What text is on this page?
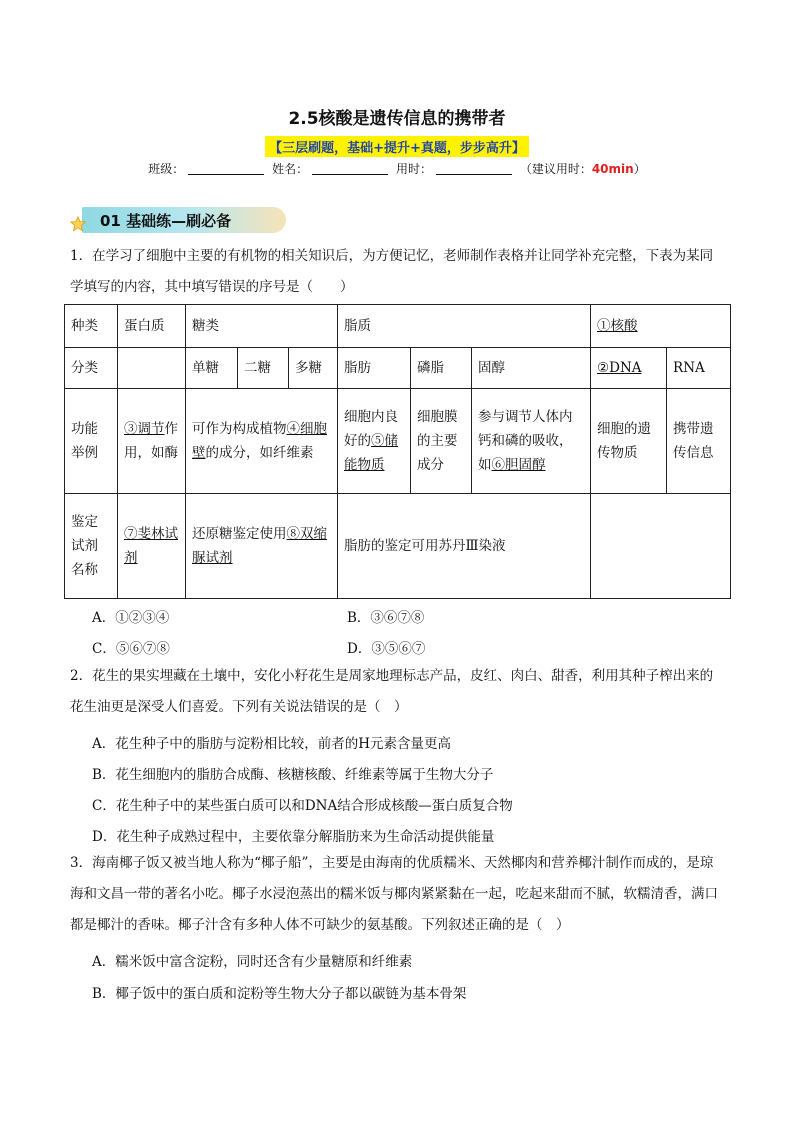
2.5核酸是遗传信息的携带者
【三层刷题，基础+提升+真题，步步高升】
班级：	姓名：	用时：	（建议用时：40min）
01 基础练—刷必备
1．在学习了细胞中主要的有机物的相关知识后，为方便记忆，老师制作表格并让同学补充完整，下表为某同学填写的内容，其中填写错误的序号是（　　）
种类	蛋白质	糖类			脂质			①核酸	
分类		单糖	二糖	多糖	脂肪	磷脂	固醇	②DNA	RNA
功能举例	③调节作用，如酶	可作为构成植物④细胞壁的成分，如纤维素			细胞内良好的⑤储能物质	细胞膜的主要成分	参与调节人体内钙和磷的吸收，如⑥胆固醇	细胞的遗传物质	携带遗传信息
鉴定试剂名称	⑦斐林试剂	还原糖鉴定使用⑧双缩脲试剂			脂肪的鉴定可用苏丹Ⅲ染液				
A．①②③④	B．③⑥⑦⑧
C．⑤⑥⑦⑧	D．③⑤⑥⑦
2．花生的果实埋藏在土壤中，安化小籽花生是周家地理标志产品，皮红、肉白、甜香，利用其种子榨出来的花生油更是深受人们喜爱。下列有关说法错误的是（　）
A．花生种子中的脂肪与淀粉相比较，前者的H元素含量更高
B．花生细胞内的脂肪合成酶、核糖核酸、纤维素等属于生物大分子
C．花生种子中的某些蛋白质可以和DNA结合形成核酸—蛋白质复合物
D．花生种子成熟过程中，主要依靠分解脂肪来为生命活动提供能量
3．海南椰子饭又被当地人称为“椰子船”，主要是由海南的优质糯米、天然椰肉和营养椰汁制作而成的，是琼海和文昌一带的著名小吃。椰子水浸泡蒸出的糯米饭与椰肉紧紧黏在一起，吃起来甜而不腻，软糯清香，满口都是椰汁的香味。椰子汁含有多种人体不可缺少的氨基酸。下列叙述正确的是（　）
A．糯米饭中富含淀粉，同时还含有少量糖原和纤维素
B．椰子饭中的蛋白质和淀粉等生物大分子都以碳链为基本骨架
